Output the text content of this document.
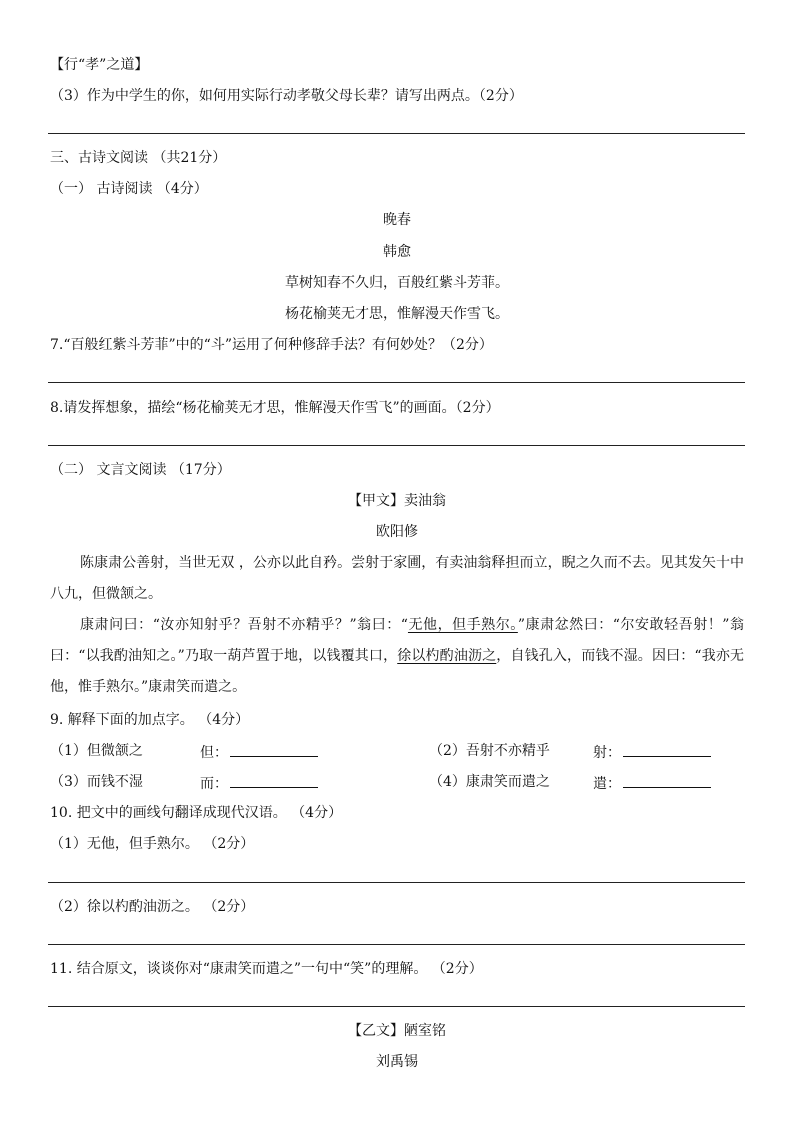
【行“孝”之道】
（3）作为中学生的你，如何用实际行动孝敬父母长辈？请写出两点。（2分）
三、古诗文阅读 （共21分）
（一） 古诗阅读 （4分）
晚春
韩愈
草树知春不久归，百般红紫斗芳菲。
杨花榆荚无才思，惟解漫天作雪飞。
7.“百般红紫斗芳菲”中的“斗”运用了何种修辞手法？有何妙处？（2分）
8.请发挥想象，描绘“杨花榆荚无才思，惟解漫天作雪飞”的画面。（2分）
（二） 文言文阅读 （17分）
【甲文】卖油翁
欧阳修
陈康肃公善射，当世无双 ，公亦以此自矜。尝射于家圃，有卖油翁释担而立，睨之久而不去。见其发矢十中八九，但微颔之。
康肃问曰：“汝亦知射乎？吾射不亦精乎？”翁曰：“无他，但手熟尔。”康肃忿然曰：“尔安敢轻吾射！”翁曰：“以我酌油知之。”乃取一葫芦置于地，以钱覆其口，徐以杓酌油沥之，自钱孔入，而钱不湿。因曰：“我亦无他，惟手熟尔。”康肃笑而遣之。
9. 解释下面的加点字。 （4分）
（1）但微颔之	但：	（2）吾射不亦精乎	射：
（3）而钱不湿	而：	（4）康肃笑而遣之	遣：
10. 把文中的画线句翻译成现代汉语。 （4分）
（1）无他，但手熟尔。 （2分）
（2）徐以杓酌油沥之。 （2分）
11. 结合原文，谈谈你对“康肃笑而遣之”一句中“笑”的理解。 （2分）
【乙文】陋室铭
刘禹锡
